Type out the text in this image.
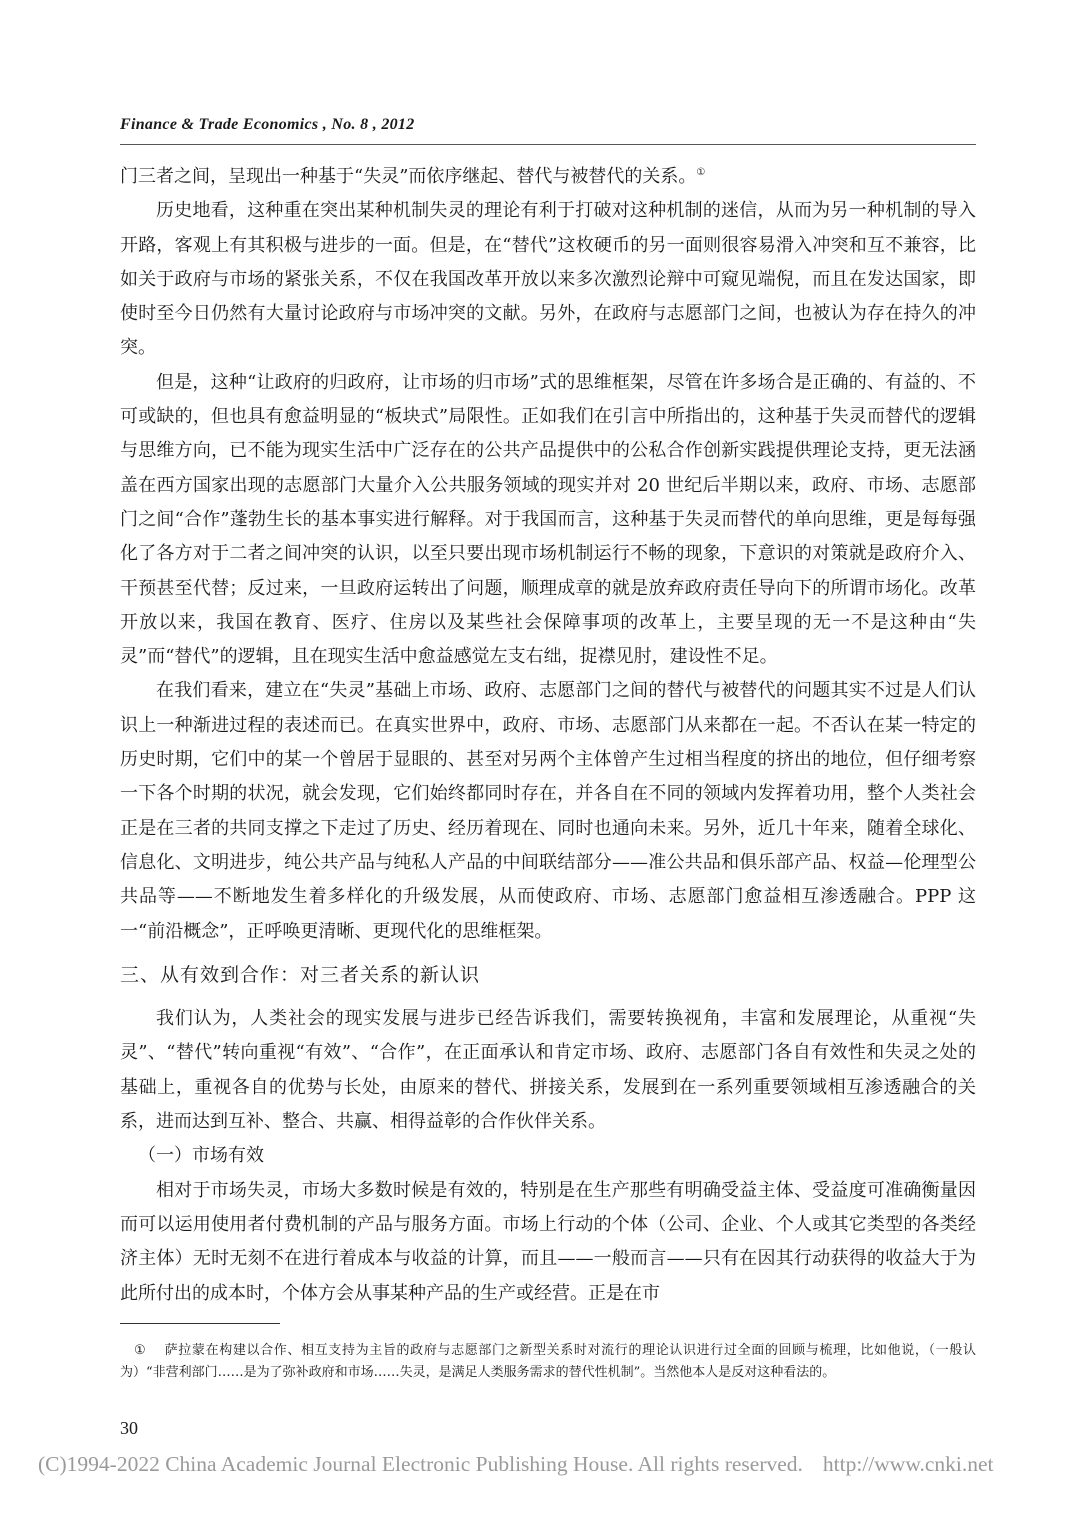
Finance & Trade Economics , No. 8 , 2012

门三者之间，呈现出一种基于“失灵”而依序继起、替代与被替代的关系。①

历史地看，这种重在突出某种机制失灵的理论有利于打破对这种机制的迷信，从而为另一种机制的导入开路，客观上有其积极与进步的一面。但是，在“替代”这枚硬币的另一面则很容易滑入冲突和互不兼容，比如关于政府与市场的紧张关系，不仅在我国改革开放以来多次激烈论辩中可窥见端倪，而且在发达国家，即使时至今日仍然有大量讨论政府与市场冲突的文献。另外，在政府与志愿部门之间，也被认为存在持久的冲突。

但是，这种“让政府的归政府，让市场的归市场”式的思维框架，尽管在许多场合是正确的、有益的、不可或缺的，但也具有愈益明显的“板块式”局限性。正如我们在引言中所指出的，这种基于失灵而替代的逻辑与思维方向，已不能为现实生活中广泛存在的公共产品提供中的公私合作创新实践提供理论支持，更无法涵盖在西方国家出现的志愿部门大量介入公共服务领域的现实并对 20 世纪后半期以来，政府、市场、志愿部门之间“合作”蓬勃生长的基本事实进行解释。对于我国而言，这种基于失灵而替代的单向思维，更是每每强化了各方对于二者之间冲突的认识，以至只要出现市场机制运行不畅的现象，下意识的对策就是政府介入、干预甚至代替；反过来，一旦政府运转出了问题，顺理成章的就是放弃政府责任导向下的所谓市场化。改革开放以来，我国在教育、医疗、住房以及某些社会保障事项的改革上，主要呈现的无一不是这种由“失灵”而“替代”的逻辑，且在现实生活中愈益感觉左支右绌，捉襟见肘，建设性不足。

在我们看来，建立在“失灵”基础上市场、政府、志愿部门之间的替代与被替代的问题其实不过是人们认识上一种渐进过程的表述而已。在真实世界中，政府、市场、志愿部门从来都在一起。不否认在某一特定的历史时期，它们中的某一个曾居于显眼的、甚至对另两个主体曾产生过相当程度的挤出的地位，但仔细考察一下各个时期的状况，就会发现，它们始终都同时存在，并各自在不同的领域内发挥着功用，整个人类社会正是在三者的共同支撑之下走过了历史、经历着现在、同时也通向未来。另外，近几十年来，随着全球化、信息化、文明进步，纯公共产品与纯私人产品的中间联结部分——准公共品和俱乐部产品、权益—伦理型公共品等——不断地发生着多样化的升级发展，从而使政府、市场、志愿部门愈益相互渗透融合。PPP 这一“前沿概念”，正呼唤更清晰、更现代化的思维框架。

三、从有效到合作：对三者关系的新认识

我们认为，人类社会的现实发展与进步已经告诉我们，需要转换视角，丰富和发展理论，从重视“失灵”、“替代”转向重视“有效”、“合作”，在正面承认和肯定市场、政府、志愿部门各自有效性和失灵之处的基础上，重视各自的优势与长处，由原来的替代、拼接关系，发展到在一系列重要领域相互渗透融合的关系，进而达到互补、整合、共赢、相得益彰的合作伙伴关系。

（一）市场有效

相对于市场失灵，市场大多数时候是有效的，特别是在生产那些有明确受益主体、受益度可准确衡量因而可以运用使用者付费机制的产品与服务方面。市场上行动的个体（公司、企业、个人或其它类型的各类经济主体）无时无刻不在进行着成本与收益的计算，而且——一般而言——只有在因其行动获得的收益大于为此所付出的成本时，个体方会从事某种产品的生产或经营。正是在市

① 萨拉蒙在构建以合作、相互支持为主旨的政府与志愿部门之新型关系时对流行的理论认识进行过全面的回顾与梳理，比如他说，（一般认为）“非营利部门……是为了弥补政府和市场……失灵，是满足人类服务需求的替代性机制”。当然他本人是反对这种看法的。
30
(C)1994-2022 China Academic Journal Electronic Publishing House. All rights reserved. http://www.cnki.net
